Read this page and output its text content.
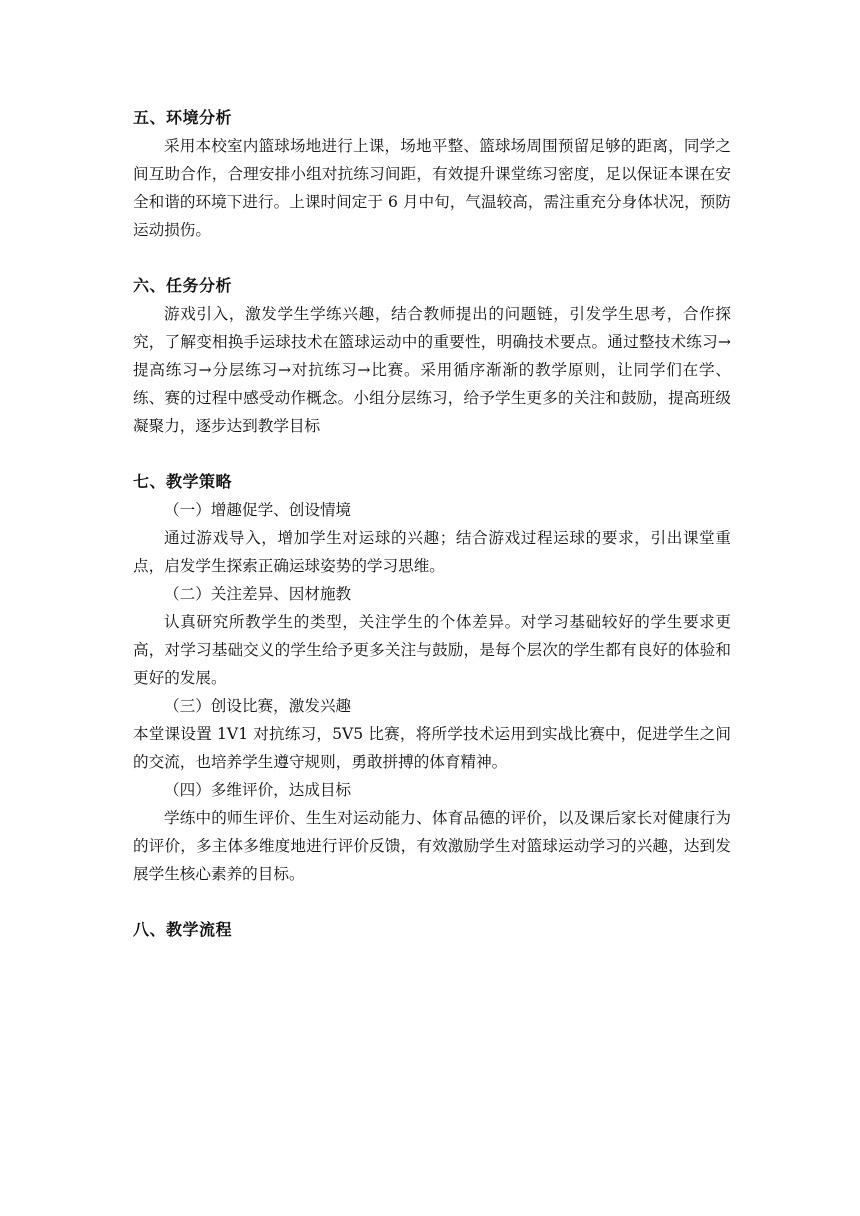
五、环境分析

采用本校室内篮球场地进行上课，场地平整、篮球场周围预留足够的距离，同学之间互助合作，合理安排小组对抗练习间距，有效提升课堂练习密度，足以保证本课在安全和谐的环境下进行。上课时间定于 6 月中旬，气温较高，需注重充分身体状况，预防运动损伤。

六、任务分析

游戏引入，激发学生学练兴趣，结合教师提出的问题链，引发学生思考，合作探究，了解变相换手运球技术在篮球运动中的重要性，明确技术要点。通过整技术练习→提高练习→分层练习→对抗练习→比赛。采用循序渐渐的教学原则，让同学们在学、练、赛的过程中感受动作概念。小组分层练习，给予学生更多的关注和鼓励，提高班级凝聚力，逐步达到教学目标

七、教学策略

（一）增趣促学、创设情境

通过游戏导入，增加学生对运球的兴趣；结合游戏过程运球的要求，引出课堂重点，启发学生探索正确运球姿势的学习思维。

（二）关注差异、因材施教

认真研究所教学生的类型，关注学生的个体差异。对学习基础较好的学生要求更高，对学习基础交义的学生给予更多关注与鼓励，是每个层次的学生都有良好的体验和更好的发展。

（三）创设比赛，激发兴趣

本堂课设置 1V1 对抗练习，5V5 比赛，将所学技术运用到实战比赛中，促进学生之间的交流，也培养学生遵守规则，勇敢拼搏的体育精神。

（四）多维评价，达成目标

学练中的师生评价、生生对运动能力、体育品德的评价，以及课后家长对健康行为的评价，多主体多维度地进行评价反馈，有效激励学生对篮球运动学习的兴趣，达到发展学生核心素养的目标。

八、教学流程
